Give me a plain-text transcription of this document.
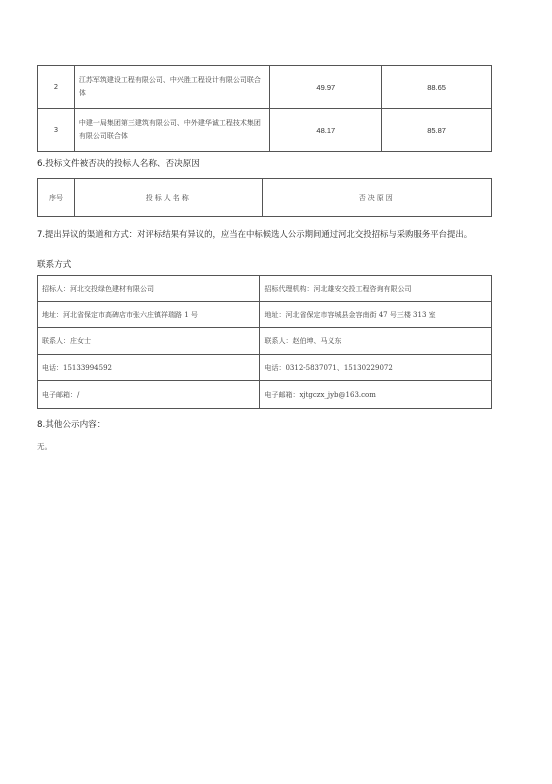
2	江苏军筑建设工程有限公司、中兴胜工程设计有限公司联合体	49.97	88.65
3	中建一局集团第三建筑有限公司、中外建华诚工程技术集团有限公司联合体	48.17	85.87
6.投标文件被否决的投标人名称、否决原因
序号	投标人名称	否决原因
7.提出异议的渠道和方式：对评标结果有异议的，应当在中标候选人公示期间通过河北交投招标与采购服务平台提出。
联系方式
招标人：河北交投绿色建材有限公司	招标代理机构：河北雄安交投工程咨询有限公司
地址：河北省保定市高碑店市张六庄镇祥瑞路 1 号	地址：河北省保定市容城县金容南街 47 号三楼 313 室
联系人：庄女士	联系人：赵伯坤、马义东
电话：15133994592	电话：0312-5837071、15130229072
电子邮箱：/	电子邮箱：xjtgczx_jyb@163.com
8.其他公示内容：
无。
